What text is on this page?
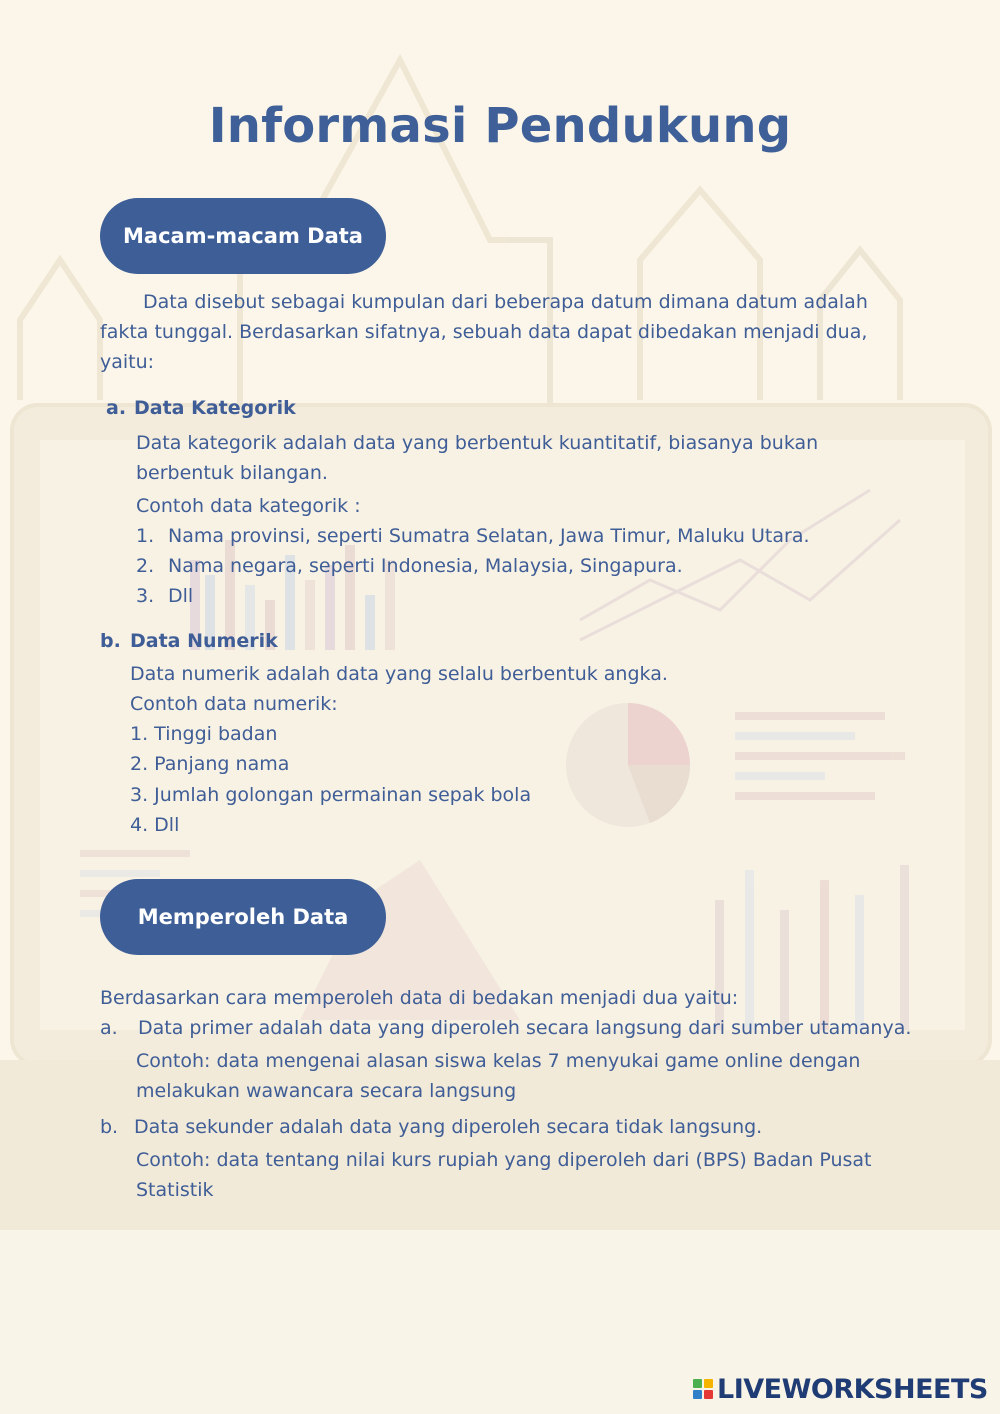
Informasi Pendukung
Macam-macam Data
Data disebut sebagai kumpulan dari beberapa datum dimana datum adalah
fakta tunggal. Berdasarkan sifatnya, sebuah data dapat dibedakan menjadi dua,
yaitu:
a. Data Kategorik
Data kategorik adalah data yang berbentuk kuantitatif, biasanya bukan
berbentuk bilangan.
Contoh data kategorik :
1. Nama provinsi, seperti Sumatra Selatan, Jawa Timur, Maluku Utara.
2. Nama negara, seperti Indonesia, Malaysia, Singapura.
3. Dll
b. Data Numerik
Data numerik adalah data yang selalu berbentuk angka.
Contoh data numerik:
1. Tinggi badan
2. Panjang nama
3. Jumlah golongan permainan sepak bola
4. Dll
Memperoleh Data
Berdasarkan cara memperoleh data di bedakan menjadi dua yaitu:
a. Data primer adalah data yang diperoleh secara langsung dari sumber utamanya.
Contoh: data mengenai alasan siswa kelas 7 menyukai game online dengan
melakukan wawancara secara langsung
b. Data sekunder adalah data yang diperoleh secara tidak langsung.
Contoh: data tentang nilai kurs rupiah yang diperoleh dari (BPS) Badan Pusat
Statistik
LIVEWORKSHEETS
